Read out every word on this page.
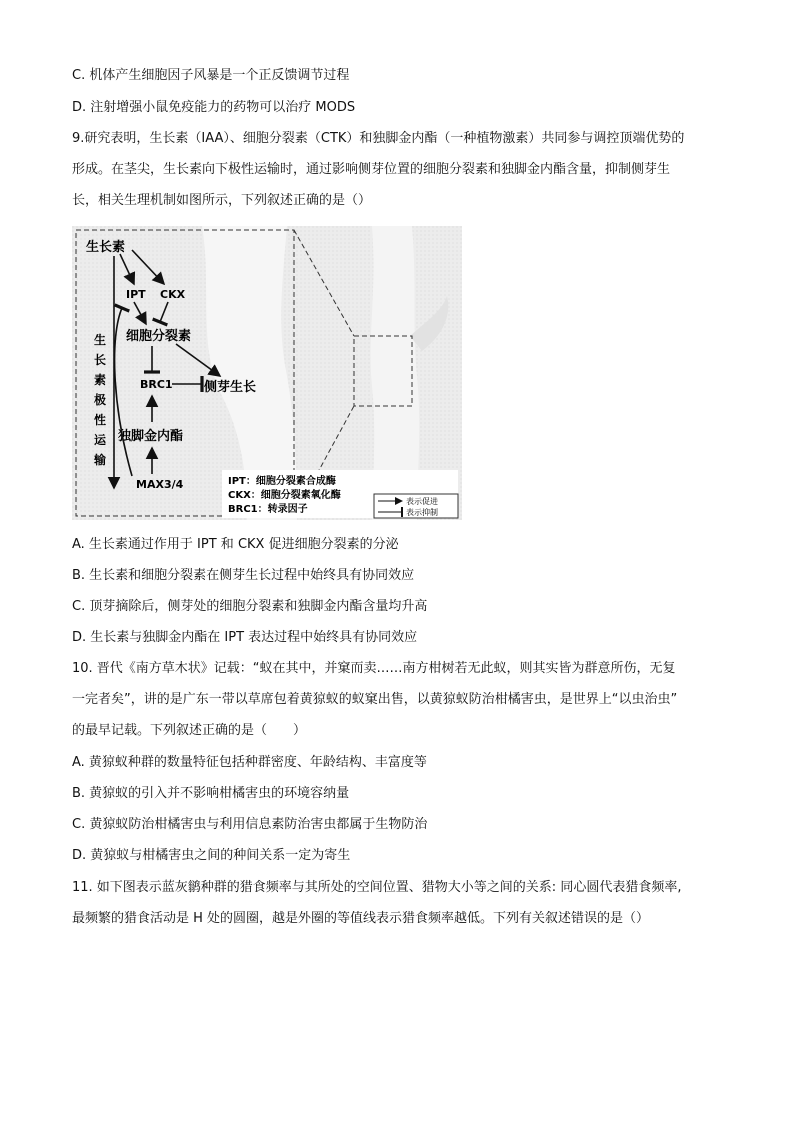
C. 机体产生细胞因子风暴是一个正反馈调节过程
D. 注射增强小鼠免疫能力的药物可以治疗 MODS
9.研究表明，生长素（IAA）、细胞分裂素（CTK）和独脚金内酯（一种植物激素）共同参与调控顶端优势的
形成。在茎尖，生长素向下极性运输时，通过影响侧芽位置的细胞分裂素和独脚金内酯含量，抑制侧芽生
长，相关生理机制如图所示，下列叙述正确的是（）
生长素
IPT CKX
细胞分裂素
BRC1 侧芽生长
独脚金内酯
MAX3/4
生
长
素
极
性
运
输
IPT：细胞分裂素合成酶
CKX：细胞分裂素氧化酶
BRC1：转录因子
表示促进
表示抑制
A. 生长素通过作用于 IPT 和 CKX 促进细胞分裂素的分泌
B. 生长素和细胞分裂素在侧芽生长过程中始终具有协同效应
C. 顶芽摘除后，侧芽处的细胞分裂素和独脚金内酯含量均升高
D. 生长素与独脚金内酯在 IPT 表达过程中始终具有协同效应
10. 晋代《南方草木状》记载：“蚁在其中，并窠而卖……南方柑树若无此蚁，则其实皆为群意所伤，无复
一完者矣”，讲的是广东一带以草席包着黄猄蚁的蚁窠出售，以黄猄蚁防治柑橘害虫，是世界上“以虫治虫”
的最早记载。下列叙述正确的是（　　）
A. 黄猄蚁种群的数量特征包括种群密度、年龄结构、丰富度等
B. 黄猄蚁的引入并不影响柑橘害虫的环境容纳量
C. 黄猄蚁防治柑橘害虫与利用信息素防治害虫都属于生物防治
D. 黄猄蚁与柑橘害虫之间的种间关系一定为寄生
11. 如下图表示蓝灰鹟种群的猎食频率与其所处的空间位置、猎物大小等之间的关系: 同心圆代表猎食频率,
最频繁的猎食活动是 H 处的圆圈，越是外圈的等值线表示猎食频率越低。下列有关叙述错误的是（）
